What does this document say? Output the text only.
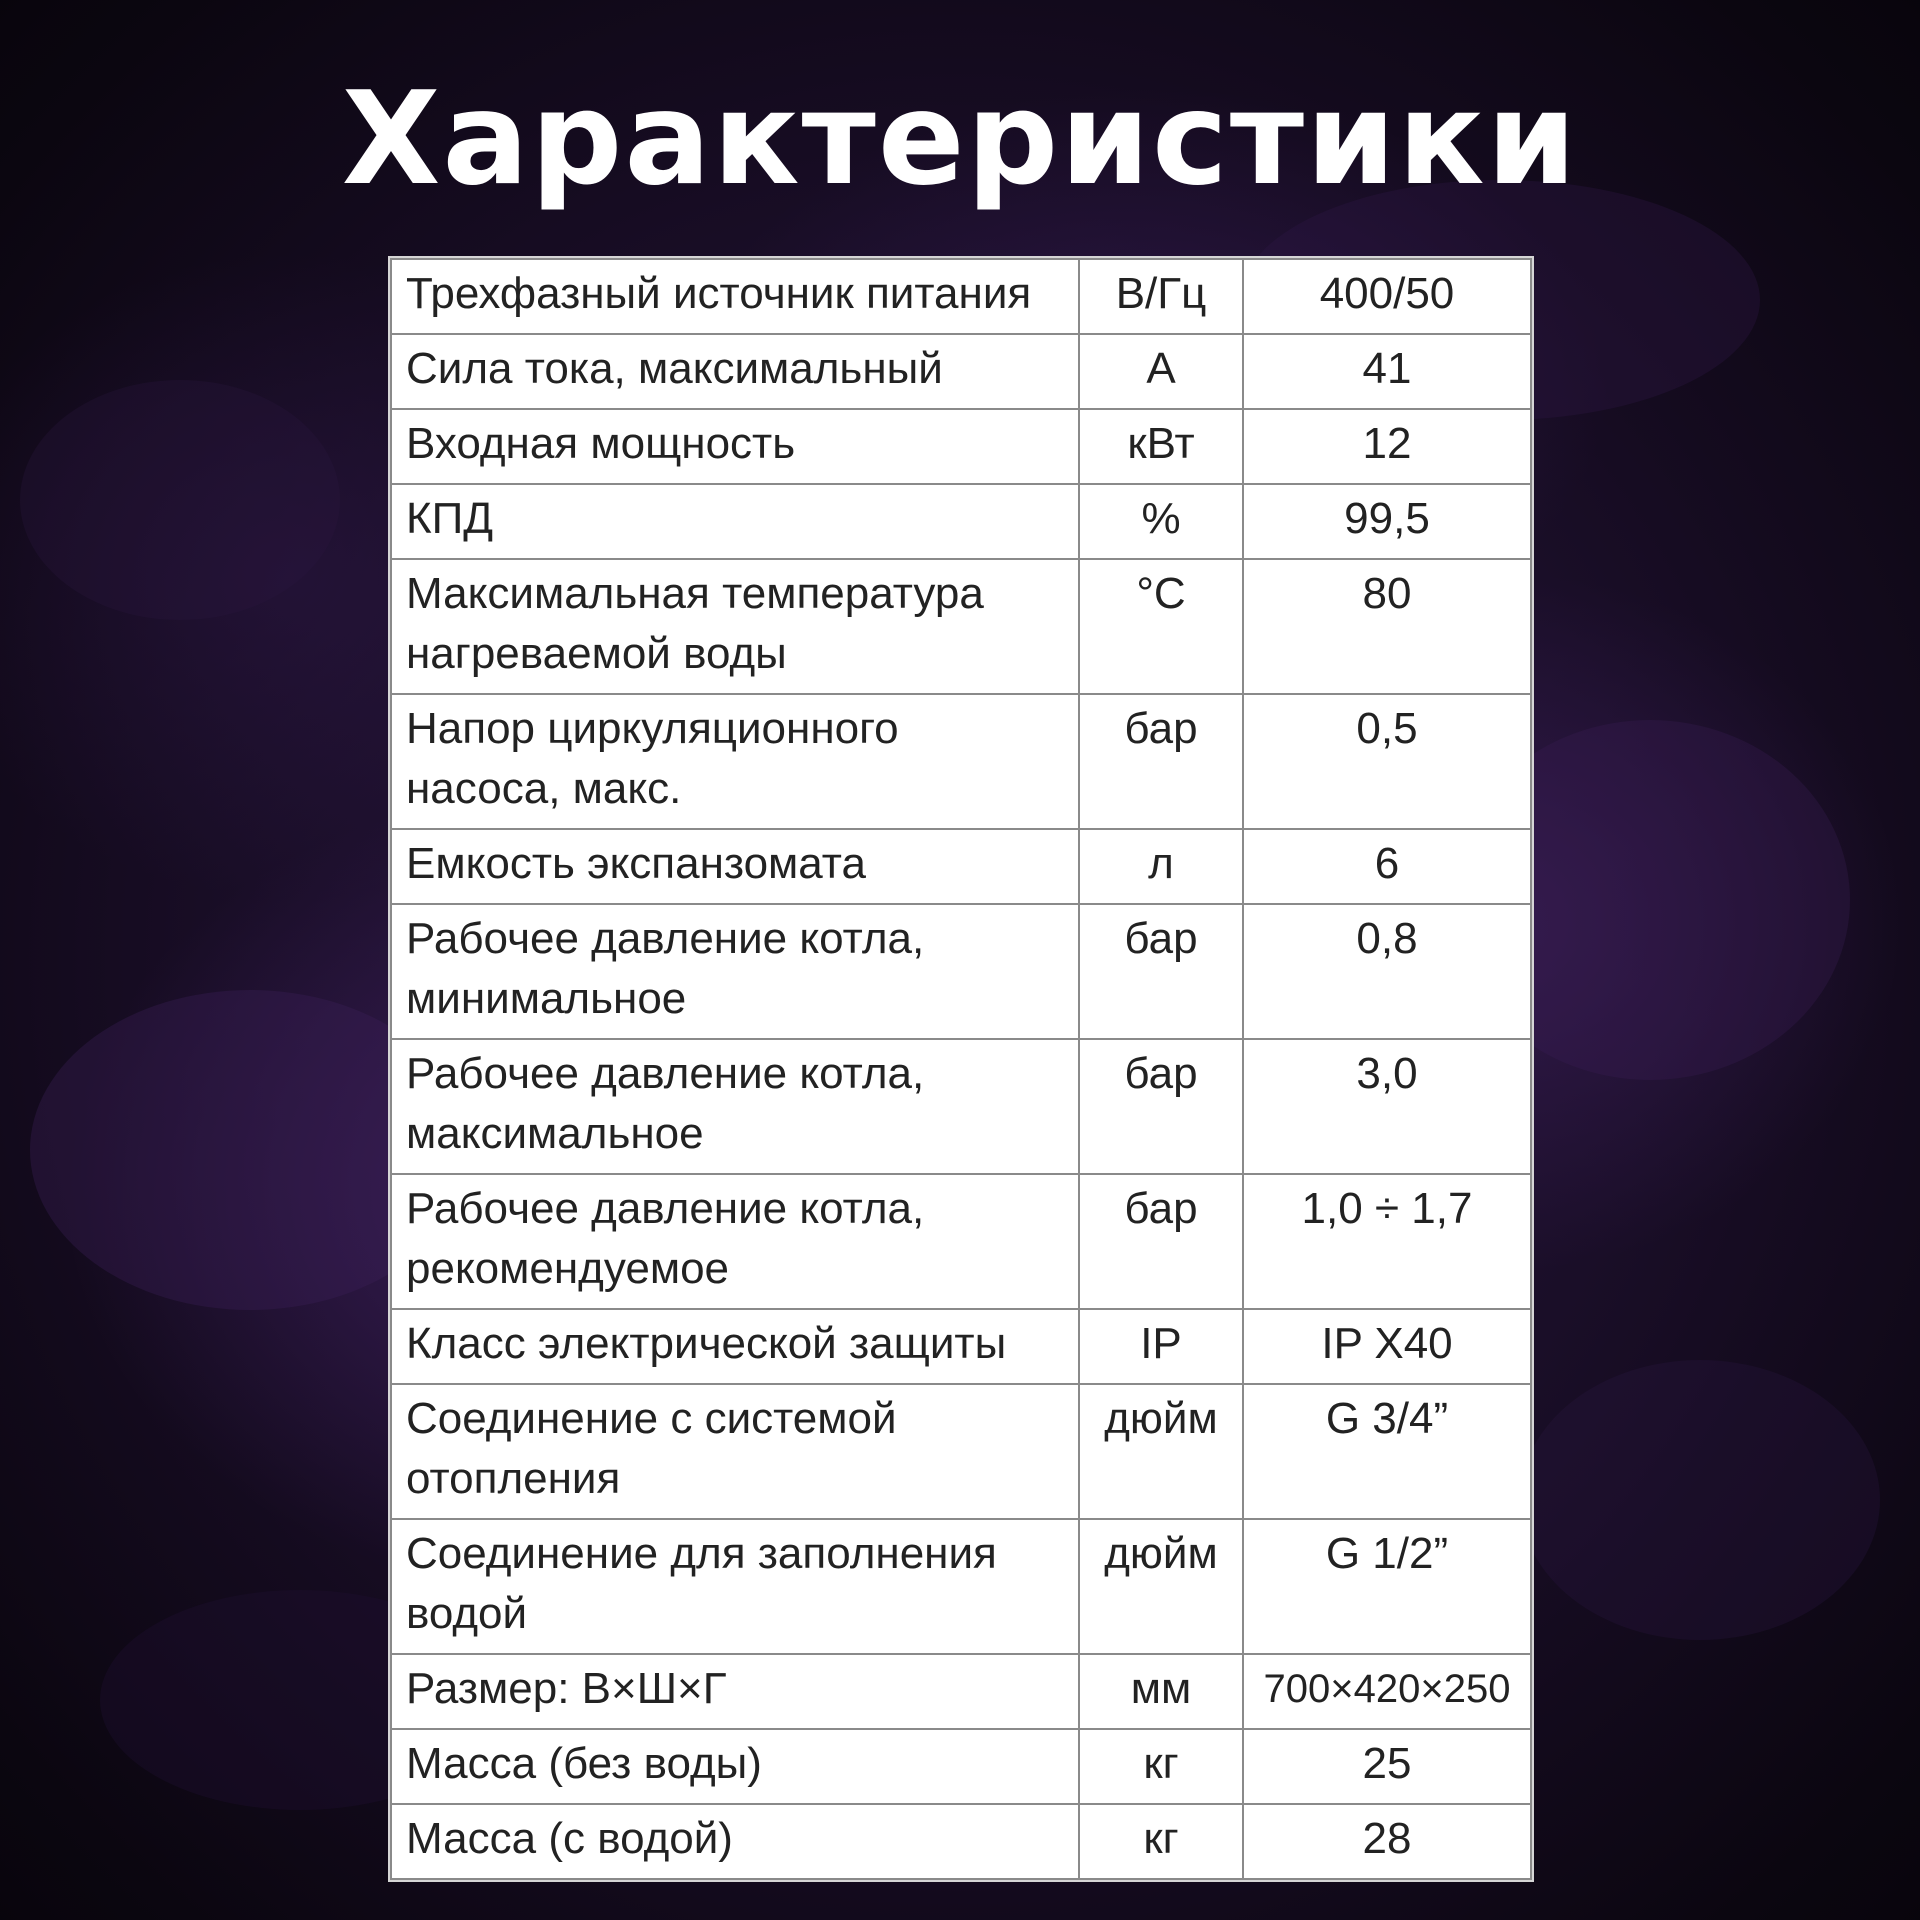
Характеристики
Трехфазный источник питания	В/Гц	400/50
Сила тока, максимальный	А	41
Входная мощность	кВт	12
КПД	%	99,5
Максимальная температура нагреваемой воды	°C	80
Напор циркуляционного насоса, макс.	бар	0,5
Емкость экспанзомата	л	6
Рабочее давление котла, минимальное	бар	0,8
Рабочее давление котла, максимальное	бар	3,0
Рабочее давление котла, рекомендуемое	бар	1,0 ÷ 1,7
Класс электрической защиты	IP	IP X40
Соединение с системой отопления	дюйм	G 3/4”
Соединение для заполнения водой	дюйм	G 1/2”
Размер: В×Ш×Г	мм	700×420×250
Масса (без воды)	кг	25
Масса (с водой)	кг	28
